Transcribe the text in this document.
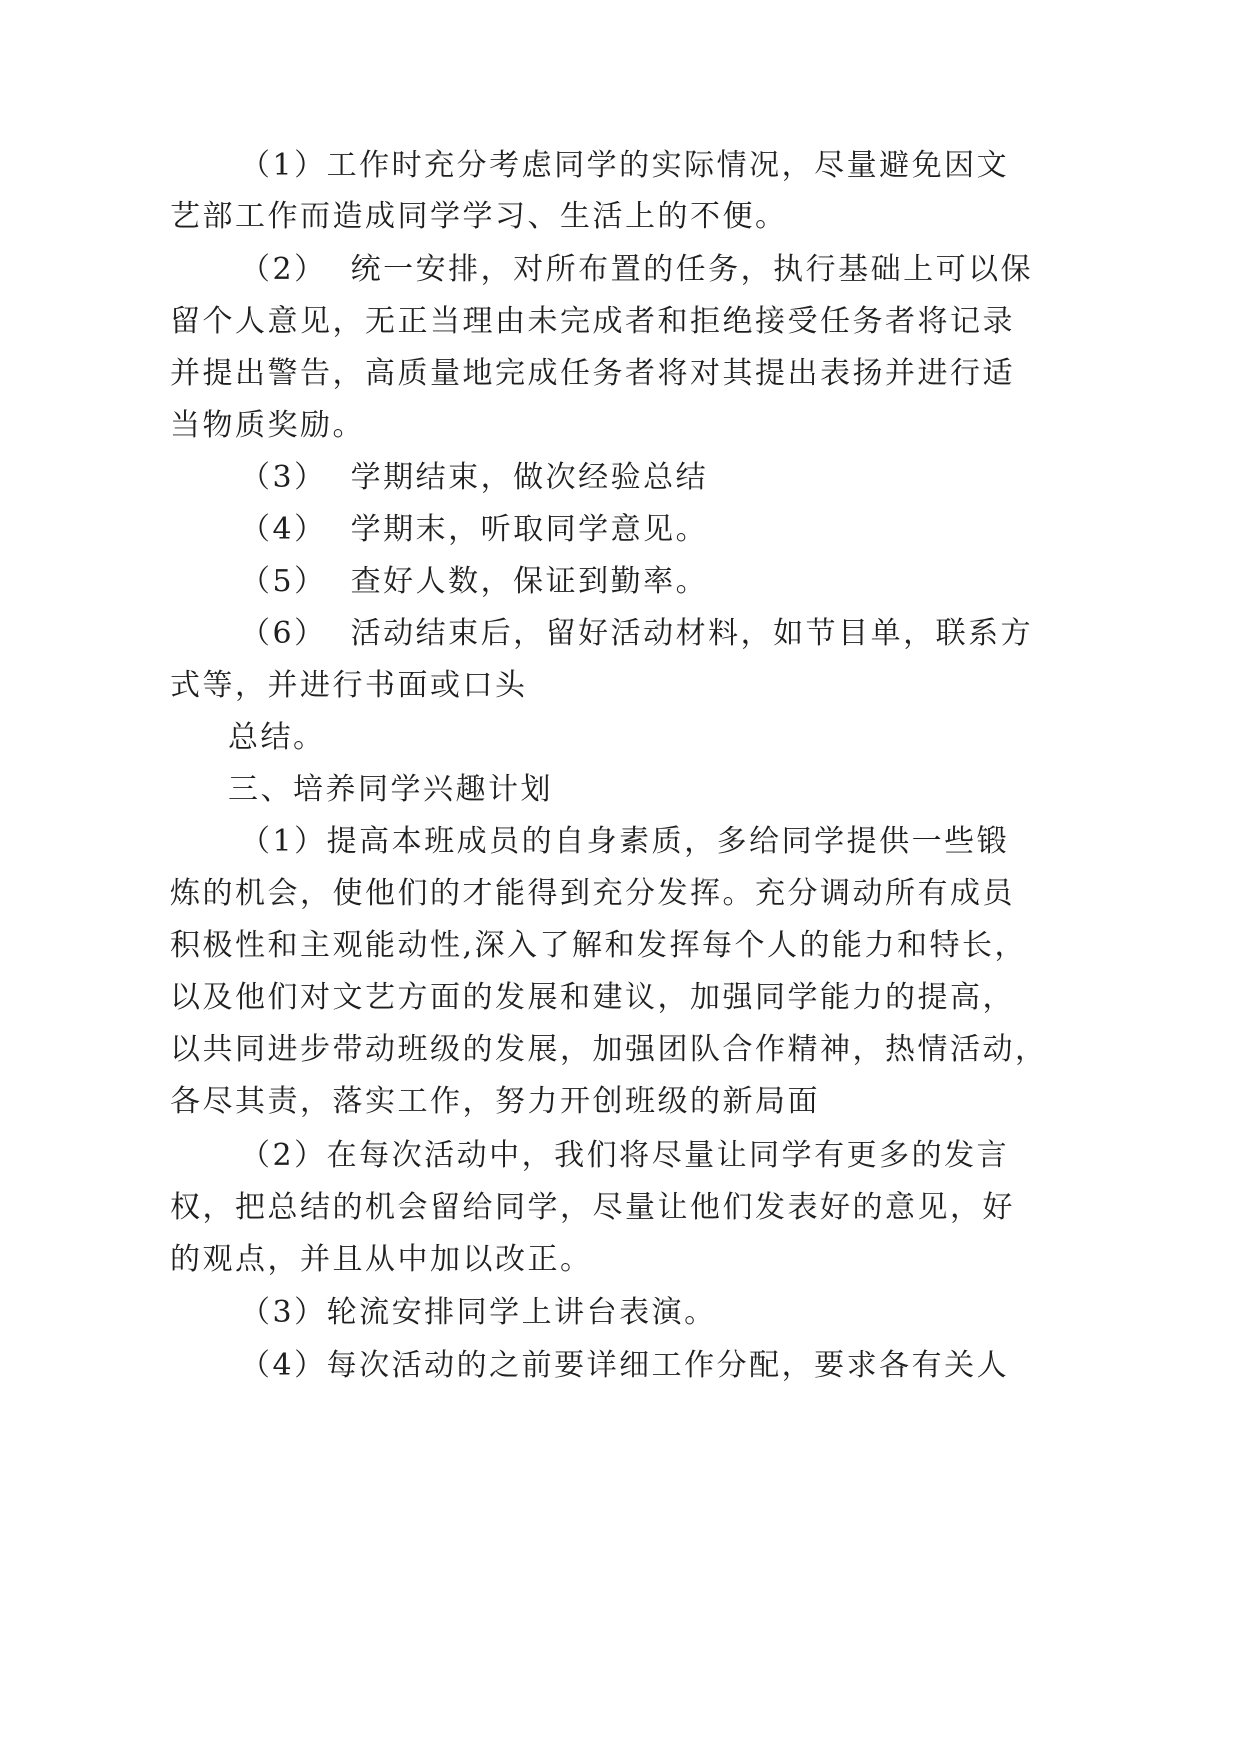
（1）工作时充分考虑同学的实际情况，尽量避免因文

艺部工作而造成同学学习、生活上的不便。

（2）  统一安排，对所布置的任务，执行基础上可以保

留个人意见，无正当理由未完成者和拒绝接受任务者将记录

并提出警告，高质量地完成任务者将对其提出表扬并进行适

当物质奖励。

（3）  学期结束，做次经验总结

（4）  学期末，听取同学意见。

（5）  查好人数，保证到勤率。

（6）  活动结束后，留好活动材料，如节目单，联系方

式等，并进行书面或口头

总结。

三、培养同学兴趣计划

（1）提高本班成员的自身素质，多给同学提供一些锻

炼的机会，使他们的才能得到充分发挥。充分调动所有成员

积极性和主观能动性,深入了解和发挥每个人的能力和特长，

以及他们对文艺方面的发展和建议，加强同学能力的提高，

以共同进步带动班级的发展，加强团队合作精神，热情活动，

各尽其责，落实工作，努力开创班级的新局面

（2）在每次活动中，我们将尽量让同学有更多的发言

权，把总结的机会留给同学，尽量让他们发表好的意见，好

的观点，并且从中加以改正。

（3）轮流安排同学上讲台表演。

（4）每次活动的之前要详细工作分配，要求各有关人
